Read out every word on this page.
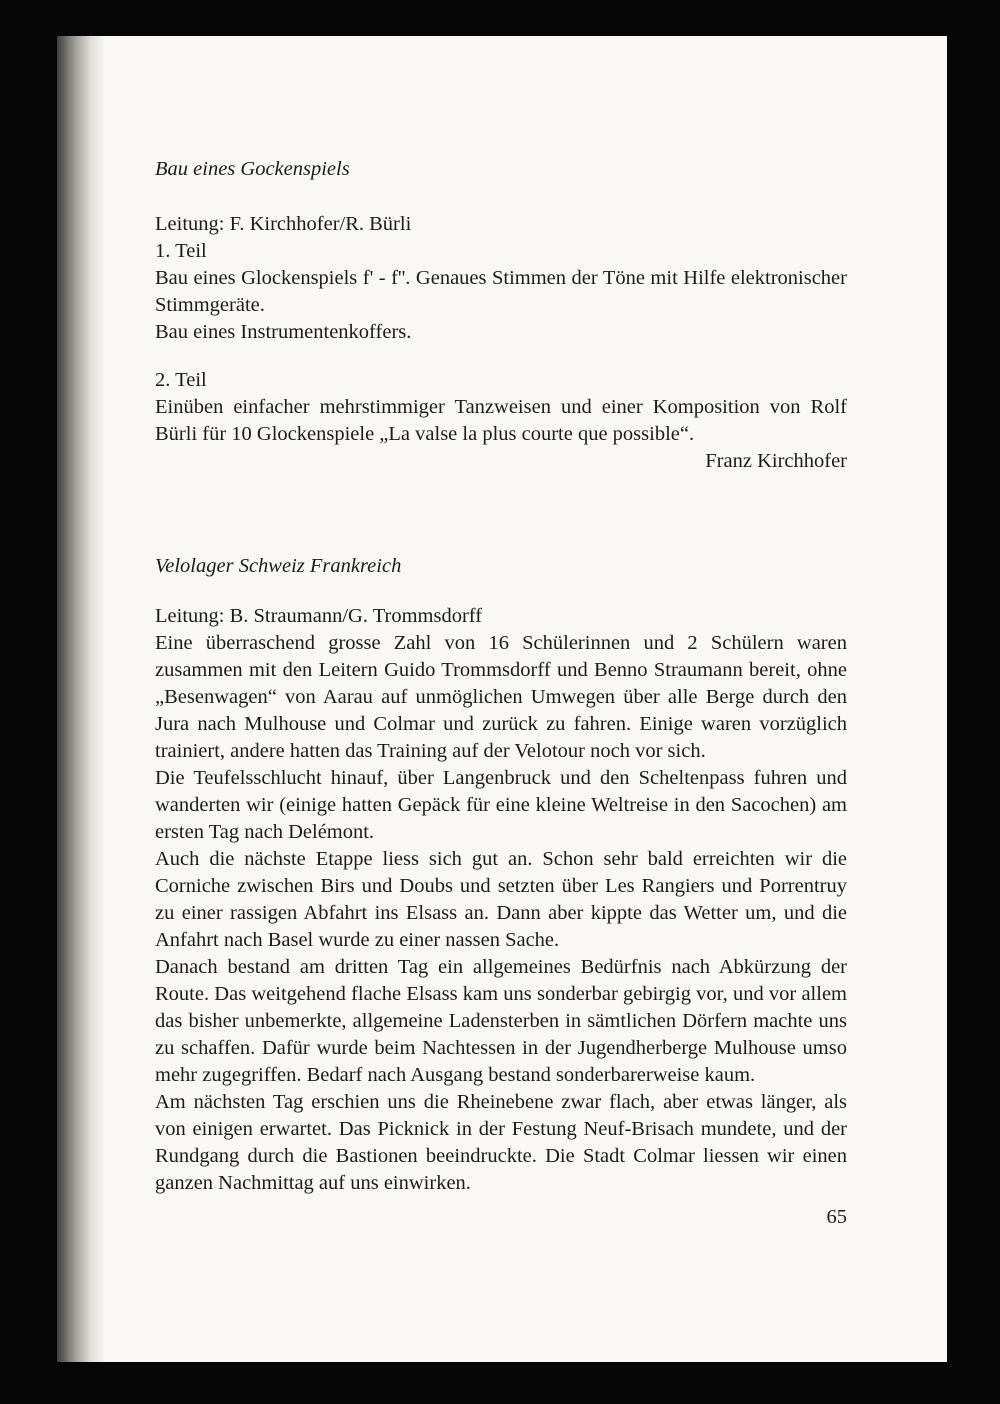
Bau eines Gockenspiels
Leitung: F. Kirchhofer/R. Bürli
1. Teil

Bau eines Glockenspiels f' - f''. Genaues Stimmen der Töne mit Hilfe elektronischer Stimmgeräte.

Bau eines Instrumentenkoffers.
2. Teil

Einüben einfacher mehrstimmiger Tanzweisen und einer Komposition von Rolf Bürli für 10 Glockenspiele „La valse la plus courte que possible“.

Franz Kirchhofer
Velolager Schweiz Frankreich
Leitung: B. Straumann/G. Trommsdorff

Eine überraschend grosse Zahl von 16 Schülerinnen und 2 Schülern waren zusammen mit den Leitern Guido Trommsdorff und Benno Straumann bereit, ohne „Besenwagen“ von Aarau auf unmöglichen Umwegen über alle Berge durch den Jura nach Mulhouse und Colmar und zurück zu fahren. Einige waren vorzüglich trainiert, andere hatten das Training auf der Velotour noch vor sich.

Die Teufelsschlucht hinauf, über Langenbruck und den Scheltenpass fuhren und wanderten wir (einige hatten Gepäck für eine kleine Weltreise in den Sacochen) am ersten Tag nach Delémont.

Auch die nächste Etappe liess sich gut an. Schon sehr bald erreichten wir die Corniche zwischen Birs und Doubs und setzten über Les Rangiers und Porrentruy zu einer rassigen Abfahrt ins Elsass an. Dann aber kippte das Wetter um, und die Anfahrt nach Basel wurde zu einer nassen Sache.

Danach bestand am dritten Tag ein allgemeines Bedürfnis nach Abkürzung der Route. Das weitgehend flache Elsass kam uns sonderbar gebirgig vor, und vor allem das bisher unbemerkte, allgemeine Ladensterben in sämtlichen Dörfern machte uns zu schaffen. Dafür wurde beim Nachtessen in der Jugendherberge Mulhouse umso mehr zugegriffen. Bedarf nach Ausgang bestand sonderbarerweise kaum.

Am nächsten Tag erschien uns die Rheinebene zwar flach, aber etwas länger, als von einigen erwartet. Das Picknick in der Festung Neuf-Brisach mundete, und der Rundgang durch die Bastionen beeindruckte. Die Stadt Colmar liessen wir einen ganzen Nachmittag auf uns einwirken.

65
